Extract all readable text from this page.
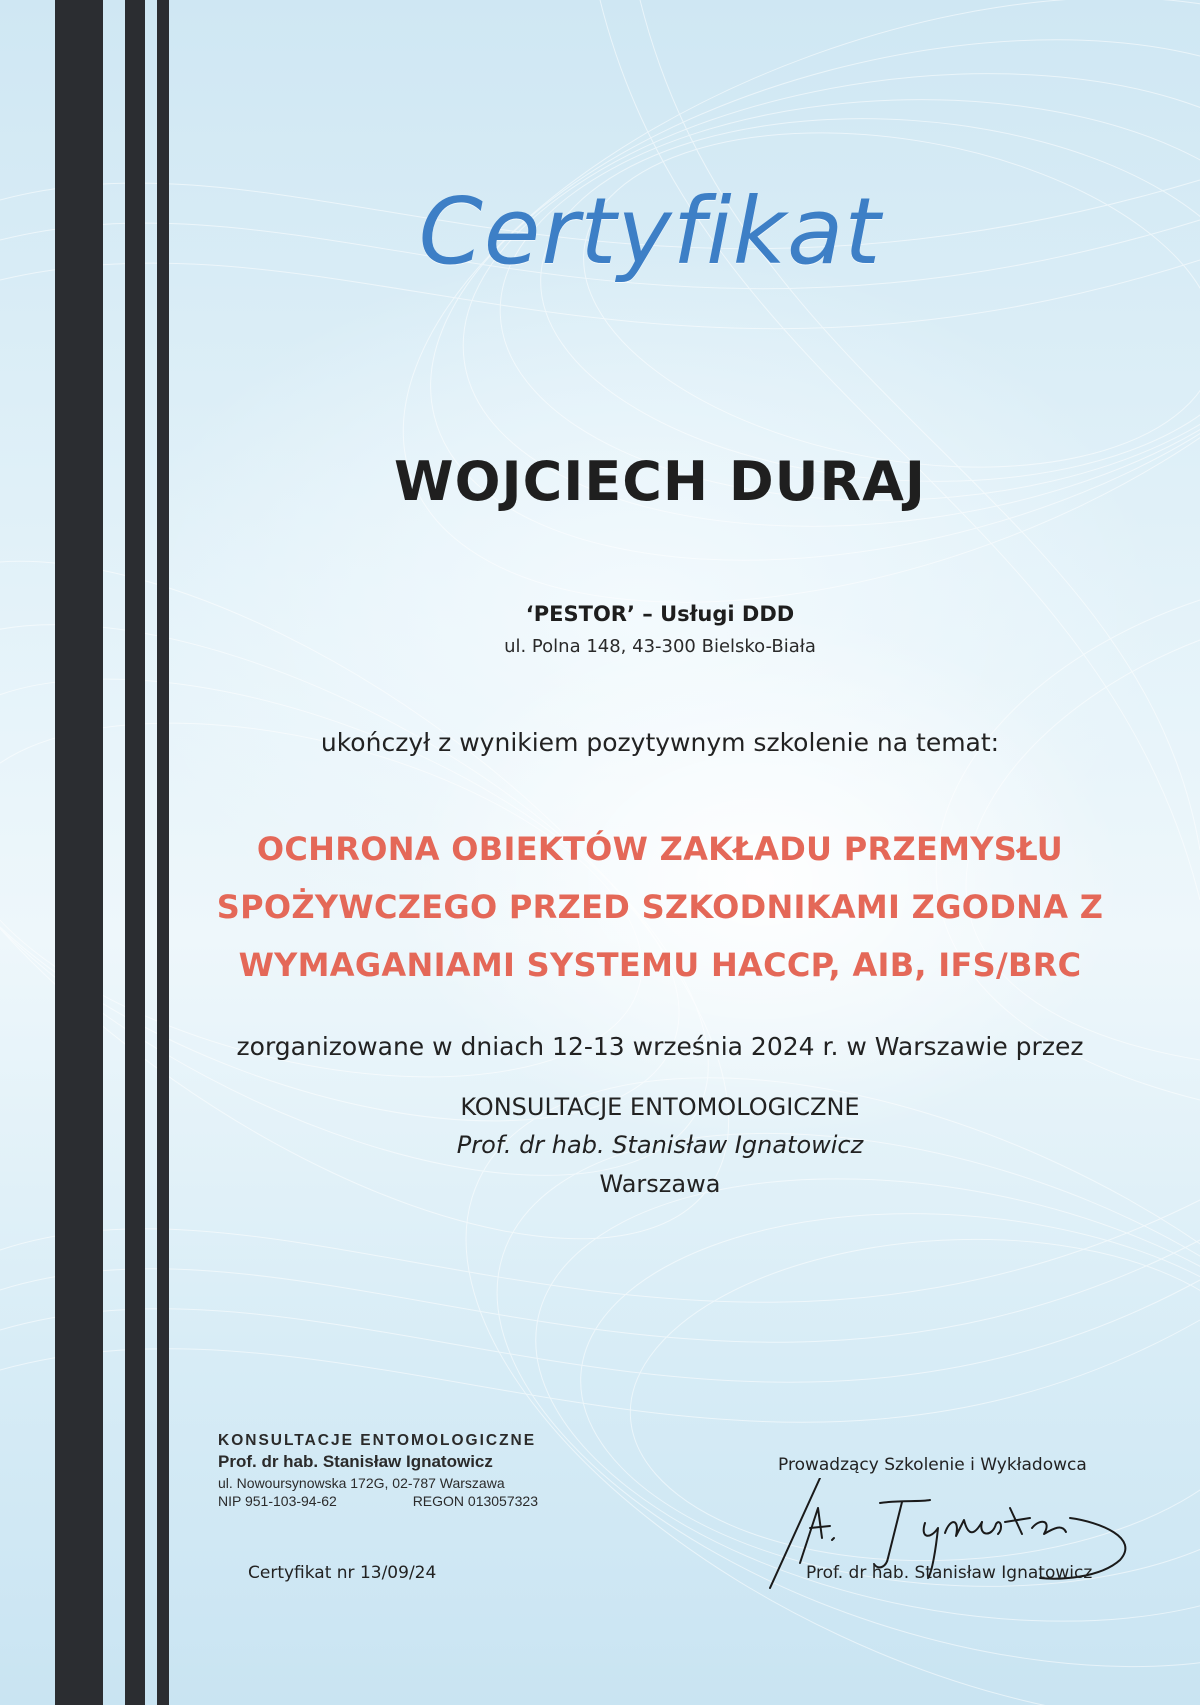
Certyfikat
WOJCIECH DURAJ
‘PESTOR’ – Usługi DDD
ul. Polna 148, 43-300 Bielsko-Biała
ukończył z wynikiem pozytywnym szkolenie na temat:
OCHRONA OBIEKTÓW ZAKŁADU PRZEMYSŁU
SPOŻYWCZEGO PRZED SZKODNIKAMI ZGODNA Z
WYMAGANIAMI SYSTEMU HACCP, AIB, IFS/BRC
zorganizowane w dniach 12-13 września 2024 r. w Warszawie przez
KONSULTACJE ENTOMOLOGICZNE
Prof. dr hab. Stanisław Ignatowicz
Warszawa
KONSULTACJE ENTOMOLOGICZNE
Prof. dr hab. Stanisław Ignatowicz
ul. Nowoursynowska 172G, 02-787 Warszawa
NIP 951-103-94-62	REGON 013057323
Certyfikat nr 13/09/24
Prowadzący Szkolenie i Wykładowca
Prof. dr hab. Stanisław Ignatowicz
